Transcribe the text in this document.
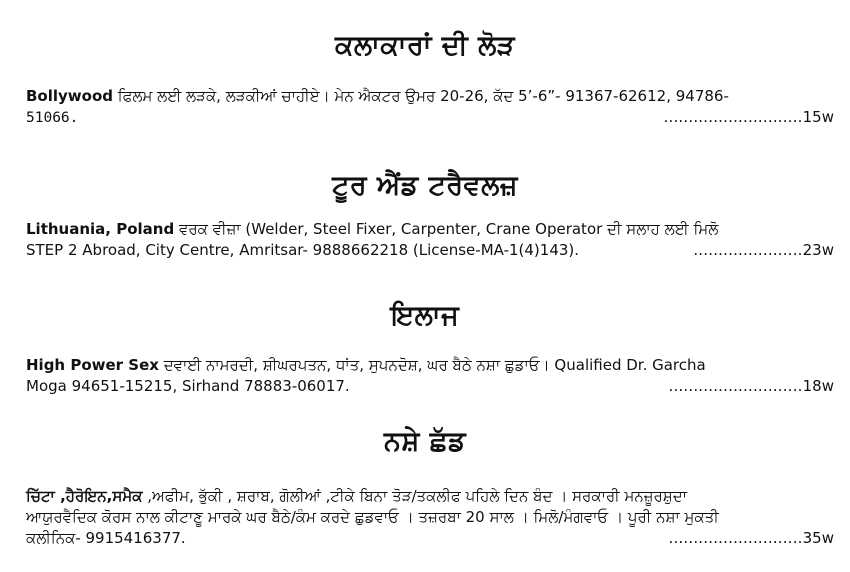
ਕਲਾਕਾਰਾਂ ਦੀ ਲੋੜ
Bollywood ਫਿਲਮ ਲਈ ਲੜਕੇ, ਲੜਕੀਆਂ ਚਾਹੀਏ। ਮੇਨ ਐਕਟਰ ਉਮਰ 20-26, ਕੱਦ 5’-6”- 91367-62612, 94786-
51066.	............................15w
ਟੂਰ ਐਂਡ ਟਰੈਵਲਜ਼
Lithuania, Poland ਵਰਕ ਵੀਜ਼ਾ (Welder, Steel Fixer, Carpenter, Crane Operator ਦੀ ਸਲਾਹ ਲਈ ਮਿਲੋ
STEP 2 Abroad, City Centre, Amritsar- 9888662218 (License-MA-1(4)143).	......................23w
ਇਲਾਜ
High Power Sex ਦਵਾਈ ਨਾਮਰਦੀ, ਸ਼ੀਘਰਪਤਨ, ਧਾਂਤ, ਸੁਪਨਦੋਸ਼, ਘਰ ਬੈਠੇ ਨਸ਼ਾ ਛੁਡਾਓ। Qualified Dr. Garcha
Moga 94651-15215, Sirhand 78883-06017.	...........................18w
ਨਸ਼ੇ ਛੱਡ
ਚਿੱਟਾ ,ਹੈਰੋਇਨ,ਸਮੈਕ ,ਅਫੀਮ, ਭੁੱਕੀ , ਸ਼ਰਾਬ, ਗੋਲੀਆਂ ,ਟੀਕੇ ਬਿਨਾ ਤੋੜ/ਤਕਲੀਫ ਪਹਿਲੇ ਦਿਨ ਬੰਦ । ਸਰਕਾਰੀ ਮਨਜ਼ੂਰਸ਼ੁਦਾ
ਆਯੁਰਵੈਦਿਕ ਕੋਰਸ ਨਾਲ ਕੀਟਾਣੂ ਮਾਰਕੇ ਘਰ ਬੈਠੇ/ਕੰਮ ਕਰਦੇ ਛੁਡਵਾਓ । ਤਜ਼ਰਬਾ 20 ਸਾਲ । ਮਿਲੋ/ਮੰਗਵਾਓ । ਪੂਰੀ ਨਸ਼ਾ ਮੁਕਤੀ
ਕਲੀਨਿਕ- 9915416377.	...........................35w
